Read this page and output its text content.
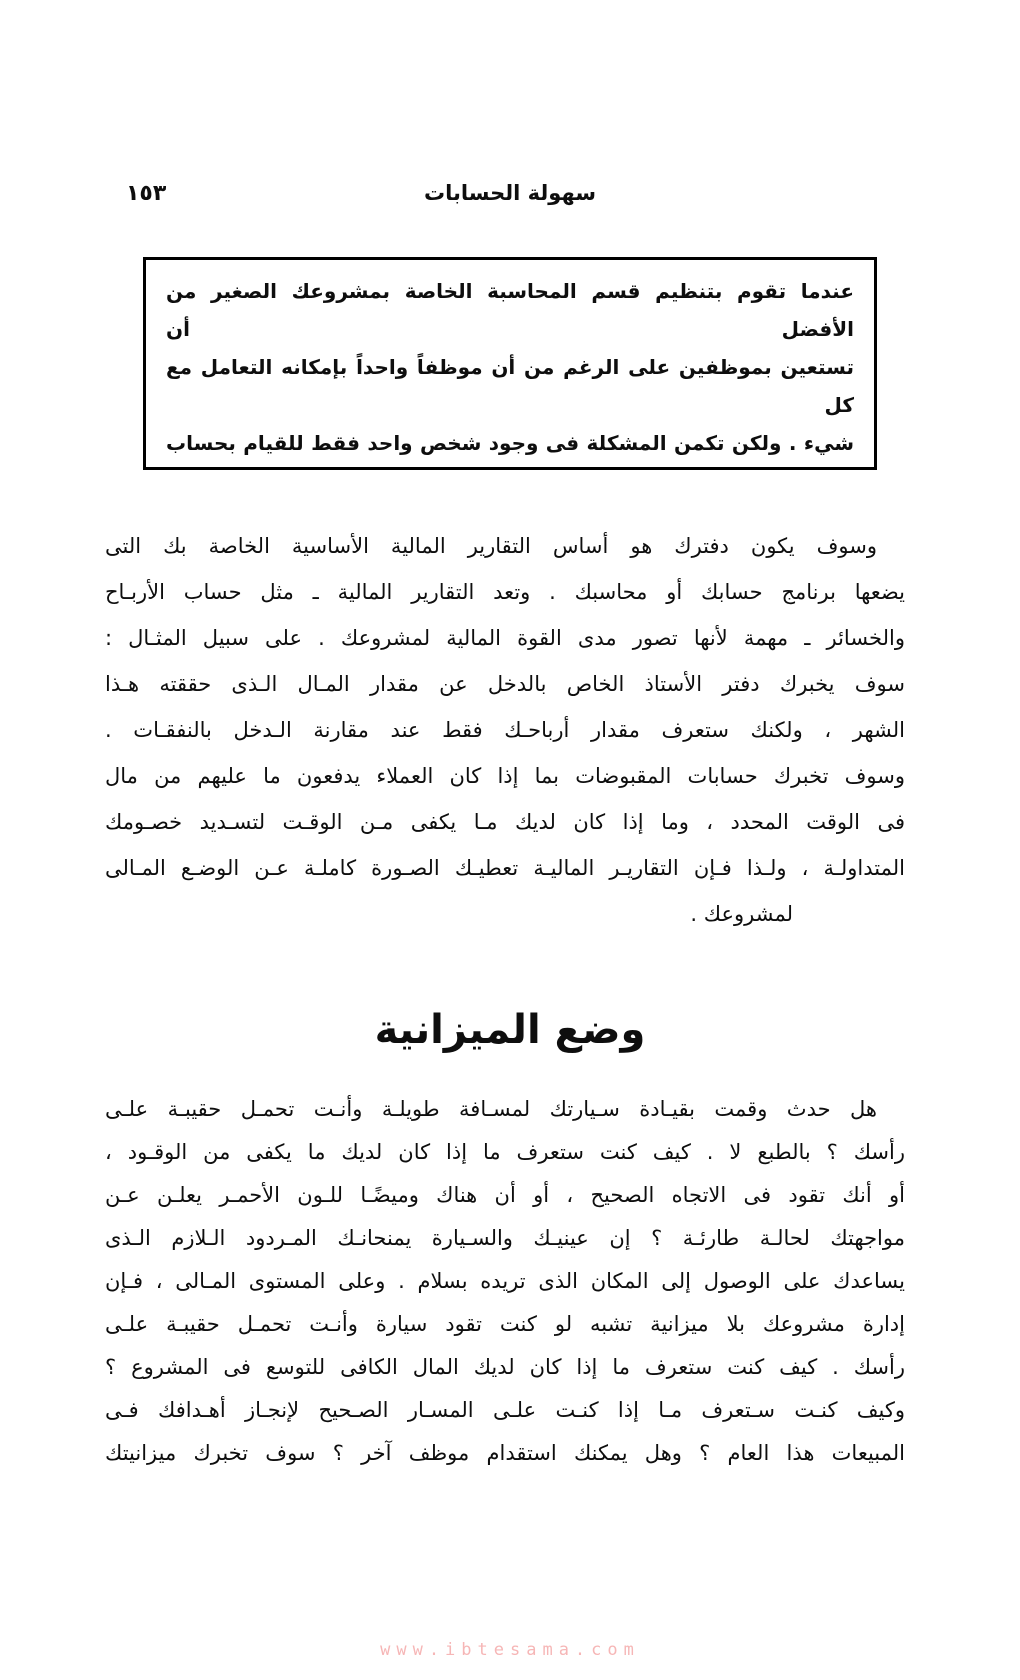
١٥٣	سهولة الحسابات
عندما تقوم بتنظيم قسم المحاسبة الخاصة بمشروعك الصغير من الأفضل أن
تستعين بموظفين على الرغم من أن موظفاً واحداً بإمكانه التعامل مع كل
شيء . ولكن تكمن المشكلة فى وجود شخص واحد فقط للقيام بحساب
وسوف يكون دفترك هو أساس التقارير المالية الأساسية الخاصة بك التى
يضعها برنامج حسابك أو محاسبك . وتعد التقارير المالية ـ مثل حساب الأربـاح
والخسائر ـ مهمة لأنها تصور مدى القوة المالية لمشروعك . على سبيل المثـال :
سوف يخبرك دفتر الأستاذ الخاص بالدخل عن مقدار المـال الـذى حققته هـذا
الشهر ، ولكنك ستعرف مقدار أرباحـك فقط عند مقارنة الـدخل بالنفقـات .
وسوف تخبرك حسابات المقبوضات بما إذا كان العملاء يدفعون ما عليهم من مال
فى الوقت المحدد ، وما إذا كان لديك مـا يكفى مـن الوقـت لتسـديد خصـومك
المتداولـة ، ولـذا فـإن التقاريـر الماليـة تعطيـك الصـورة كاملـة عـن الوضـع المـالى
لمشروعك .
وضع الميزانية
هل حدث وقمت بقيـادة سـيارتك لمسـافة طويلـة وأنـت تحمـل حقيبـة علـى
رأسك ؟ بالطبع لا . كيف كنت ستعرف ما إذا كان لديك ما يكفى من الوقـود ،
أو أنك تقود فى الاتجاه الصحيح ، أو أن هناك وميضًـا للـون الأحمـر يعلـن عـن
مواجهتك لحالـة طارئـة ؟ إن عينيـك والسـيارة يمنحانـك المـردود الـلازم الـذى
يساعدك على الوصول إلى المكان الذى تريده بسلام . وعلى المستوى المـالى ، فـإن
إدارة مشروعك بلا ميزانية تشبه لو كنت تقود سيارة وأنـت تحمـل حقيبـة علـى
رأسك . كيف كنت ستعرف ما إذا كان لديك المال الكافى للتوسع فى المشروع ؟
وكيف كنـت سـتعرف مـا إذا كنـت علـى المسـار الصـحيح لإنجـاز أهـدافك فـى
المبيعات هذا العام ؟ وهل يمكنك استقدام موظف آخر ؟ سوف تخبرك ميزانيتك
www.ibtesama.com
